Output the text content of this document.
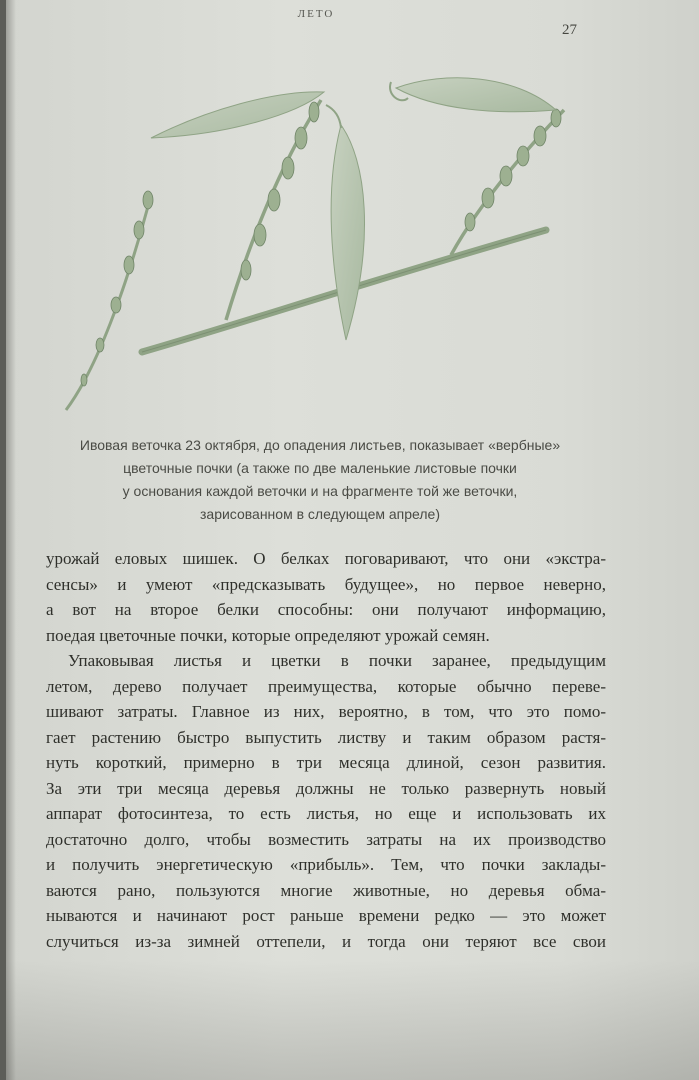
ЛЕТО
27

Ивовая веточка 23 октября, до опадения листьев, показывает «вербные»

цветочные почки (а также по две маленькие листовые почки

у основания каждой веточки и на фрагменте той же веточки,

зарисованном в следующем апреле)

урожай еловых шишек. О белках поговаривают, что они «экстра-
сенсы» и умеют «предсказывать будущее», но первое неверно,
а вот на второе белки способны: они получают информацию,
поедая цветочные почки, которые определяют урожай семян.
Упаковывая листья и цветки в почки заранее, предыдущим
летом, дерево получает преимущества, которые обычно переве-
шивают затраты. Главное из них, вероятно, в том, что это помо-
гает растению быстро выпустить листву и таким образом растя-
нуть короткий, примерно в три месяца длиной, сезон развития.
За эти три месяца деревья должны не только развернуть новый
аппарат фотосинтеза, то есть листья, но еще и использовать их
достаточно долго, чтобы возместить затраты на их производство
и получить энергетическую «прибыль». Тем, что почки заклады-
ваются рано, пользуются многие животные, но деревья обма-
нываются и начинают рост раньше времени редко — это может
случиться из-за зимней оттепели, и тогда они теряют все свои
